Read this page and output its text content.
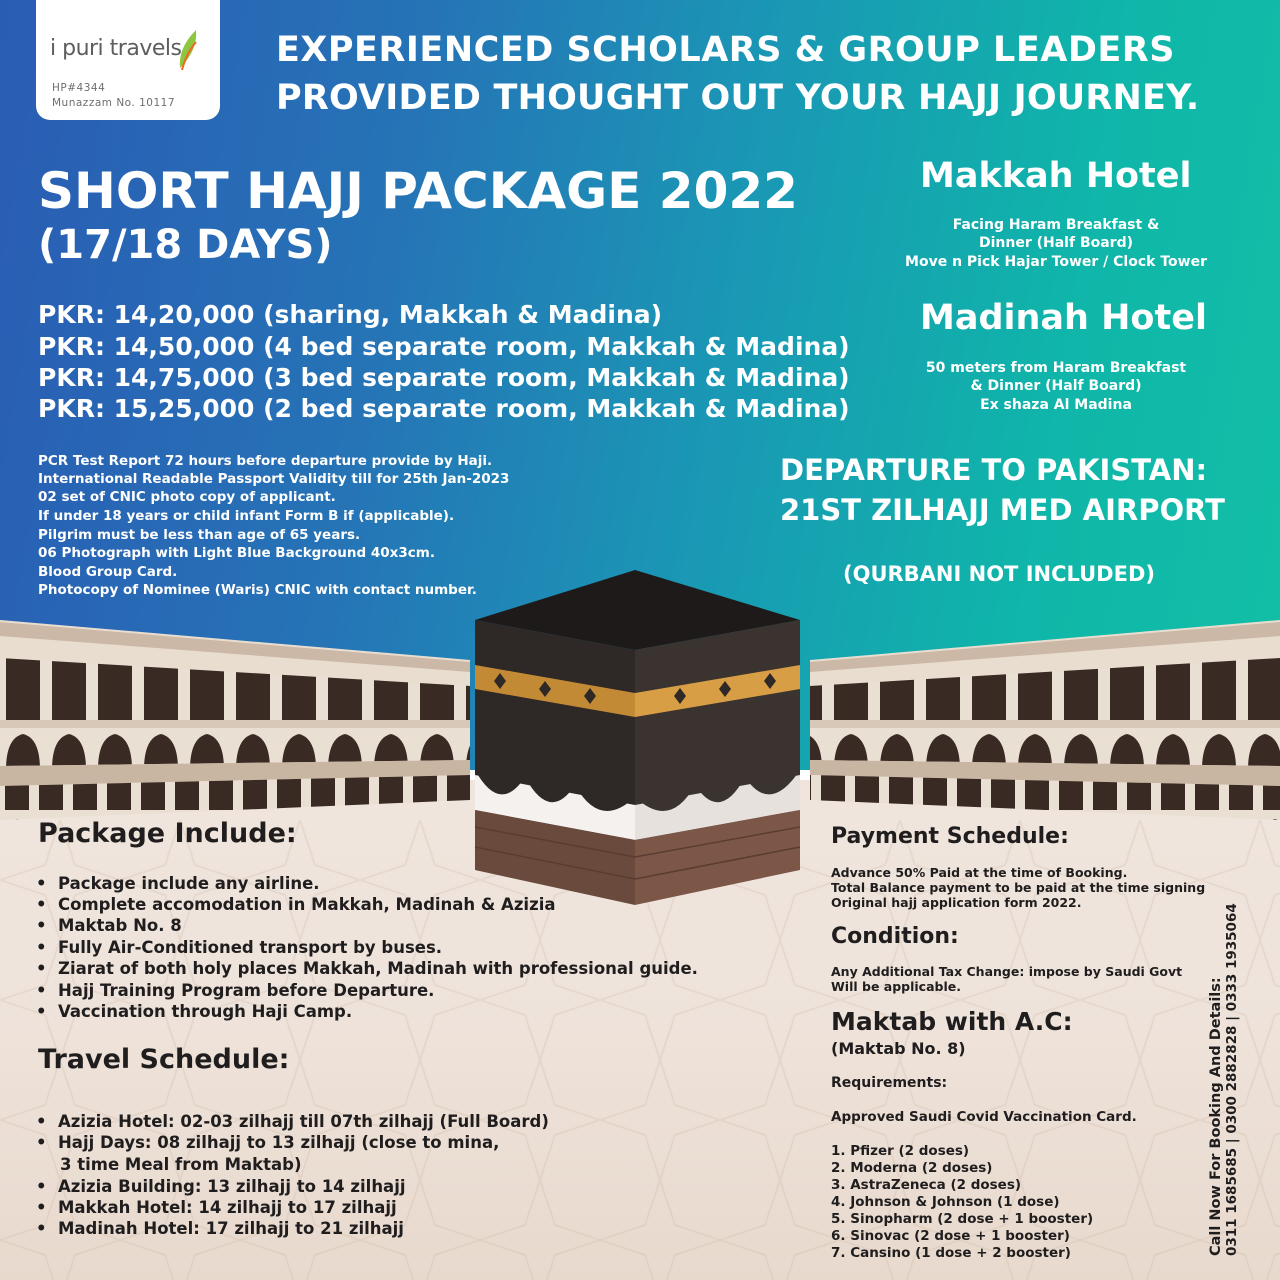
i puri travels
HP#4344
Munazzam No. 10117
EXPERIENCED SCHOLARS & GROUP LEADERS
PROVIDED THOUGHT OUT YOUR HAJJ JOURNEY.
SHORT HAJJ PACKAGE 2022
(17/18 DAYS)
PKR: 14,20,000 (sharing, Makkah & Madina)
PKR: 14,50,000 (4 bed separate room, Makkah & Madina)
PKR: 14,75,000 (3 bed separate room, Makkah & Madina)
PKR: 15,25,000 (2 bed separate room, Makkah & Madina)
PCR Test Report 72 hours before departure provide by Haji.
International Readable Passport Validity till for 25th Jan-2023
02 set of CNIC photo copy of applicant.
If under 18 years or child infant Form B if (applicable).
Pilgrim must be less than age of 65 years.
06 Photograph with Light Blue Background 40x3cm.
Blood Group Card.
Photocopy of Nominee (Waris) CNIC with contact number.
Makkah Hotel
Facing Haram Breakfast &
Dinner (Half Board)
Move n Pick Hajar Tower / Clock Tower
Madinah Hotel
50 meters from Haram Breakfast
& Dinner (Half Board)
Ex shaza Al Madina
DEPARTURE TO PAKISTAN:
21ST ZILHAJJ MED AIRPORT
(QURBANI NOT INCLUDED)
Package Include:
• Package include any airline.
• Complete accomodation in Makkah, Madinah & Azizia
• Maktab No. 8
• Fully Air-Conditioned transport by buses.
• Ziarat of both holy places Makkah, Madinah with professional guide.
• Hajj Training Program before Departure.
• Vaccination through Haji Camp.
Travel Schedule:
• Azizia Hotel: 02-03 zilhajj till 07th zilhajj (Full Board)
• Hajj Days: 08 zilhajj to 13 zilhajj (close to mina,
3 time Meal from Maktab)
• Azizia Building: 13 zilhajj to 14 zilhajj
• Makkah Hotel: 14 zilhajj to 17 zilhajj
• Madinah Hotel: 17 zilhajj to 21 zilhajj
Payment Schedule:
Advance 50% Paid at the time of Booking.
Total Balance payment to be paid at the time signing
Original hajj application form 2022.
Condition:
Any Additional Tax Change: impose by Saudi Govt
Will be applicable.
Maktab with A.C:
(Maktab No. 8)
Requirements:
Approved Saudi Covid Vaccination Card.
1. Pfizer (2 doses)
2. Moderna (2 doses)
3. AstraZeneca (2 doses)
4. Johnson & Johnson (1 dose)
5. Sinopharm (2 dose + 1 booster)
6. Sinovac (2 dose + 1 booster)
7. Cansino (1 dose + 2 booster)	Call Now For Booking And Details:
0311 1685685 | 0300 2882828 | 0333 1935064
